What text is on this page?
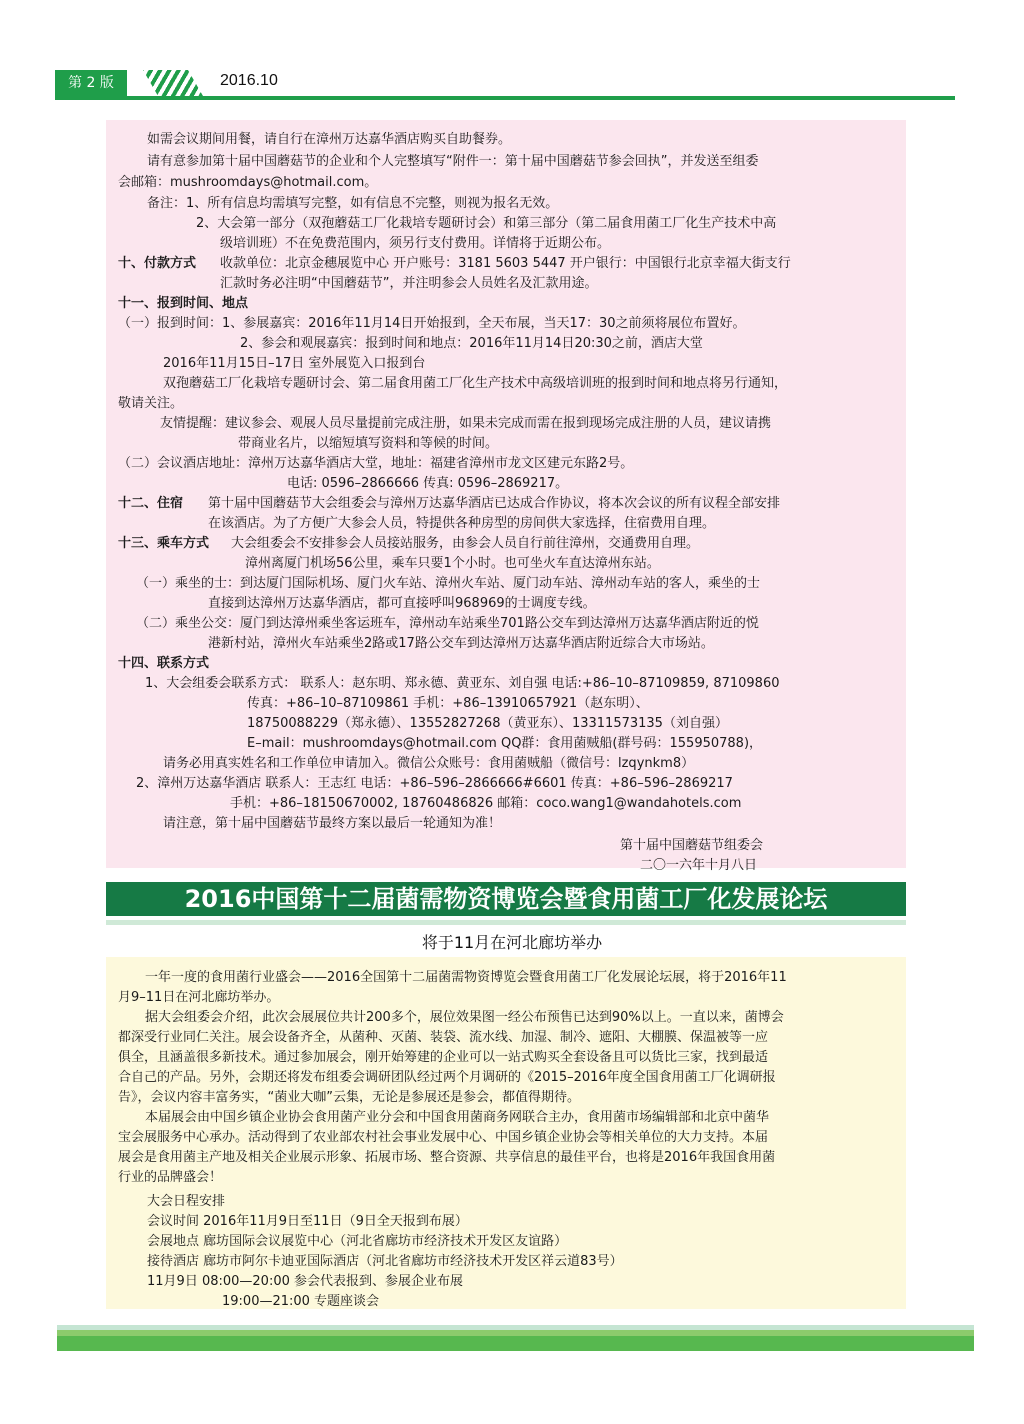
第 2 版	2016.10
如需会议期间用餐，请自行在漳州万达嘉华酒店购买自助餐券。
请有意参加第十届中国蘑菇节的企业和个人完整填写“附件一：第十届中国蘑菇节参会回执”，并发送至组委
会邮箱：mushroomdays@hotmail.com。
备注：1、所有信息均需填写完整，如有信息不完整，则视为报名无效。
2、大会第一部分（双孢蘑菇工厂化栽培专题研讨会）和第三部分（第二届食用菌工厂化生产技术中高
级培训班）不在免费范围内，须另行支付费用。详情将于近期公布。
十、付款方式 收款单位：北京金穗展览中心 开户账号：3181 5603 5447 开户银行：中国银行北京幸福大街支行
汇款时务必注明“中国蘑菇节”，并注明参会人员姓名及汇款用途。
十一、报到时间、地点
（一）报到时间：1、参展嘉宾：2016年11月14日开始报到，全天布展，当天17：30之前须将展位布置好。
2、参会和观展嘉宾：报到时间和地点：2016年11月14日20:30之前，酒店大堂
2016年11月15日–17日 室外展览入口报到台
双孢蘑菇工厂化栽培专题研讨会、第二届食用菌工厂化生产技术中高级培训班的报到时间和地点将另行通知，
敬请关注。
友情提醒：建议参会、观展人员尽量提前完成注册，如果未完成而需在报到现场完成注册的人员，建议请携
带商业名片，以缩短填写资料和等候的时间。
（二）会议酒店地址：漳州万达嘉华酒店大堂，地址：福建省漳州市龙文区建元东路2号。
电话: 0596–2866666 传真: 0596–2869217。
十二、住宿 第十届中国蘑菇节大会组委会与漳州万达嘉华酒店已达成合作协议，将本次会议的所有议程全部安排
在该酒店。为了方便广大参会人员，特提供各种房型的房间供大家选择，住宿费用自理。
十三、乘车方式 大会组委会不安排参会人员接站服务，由参会人员自行前往漳州，交通费用自理。
漳州离厦门机场56公里，乘车只要1个小时。也可坐火车直达漳州东站。
（一）乘坐的士：到达厦门国际机场、厦门火车站、漳州火车站、厦门动车站、漳州动车站的客人，乘坐的士
直接到达漳州万达嘉华酒店，都可直接呼叫968969的士调度专线。
（二）乘坐公交：厦门到达漳州乘坐客运班车，漳州动车站乘坐701路公交车到达漳州万达嘉华酒店附近的悦
港新村站，漳州火车站乘坐2路或17路公交车到达漳州万达嘉华酒店附近综合大市场站。
十四、联系方式
1、大会组委会联系方式： 联系人：赵东明、郑永德、黄亚东、刘自强 电话:+86–10–87109859, 87109860
传真：+86–10–87109861 手机：+86–13910657921（赵东明）、
18750088229（郑永德）、13552827268（黄亚东）、13311573135（刘自强）
E–mail：mushroomdays@hotmail.com QQ群：食用菌贼船(群号码：155950788)，
请务必用真实姓名和工作单位申请加入。微信公众账号：食用菌贼船（微信号：lzqynkm8）
2、漳州万达嘉华酒店 联系人：王志红 电话：+86–596–2866666#6601 传真：+86–596–2869217
手机：+86–18150670002, 18760486826 邮箱：coco.wang1@wandahotels.com
请注意，第十届中国蘑菇节最终方案以最后一轮通知为准！
第十届中国蘑菇节组委会
二〇一六年十月八日
2016中国第十二届菌需物资博览会暨食用菌工厂化发展论坛
将于11月在河北廊坊举办
一年一度的食用菌行业盛会——2016全国第十二届菌需物资博览会暨食用菌工厂化发展论坛展，将于2016年11
月9–11日在河北廊坊举办。
据大会组委会介绍，此次会展展位共计200多个，展位效果图一经公布预售已达到90%以上。一直以来，菌博会
都深受行业同仁关注。展会设备齐全，从菌种、灭菌、装袋、流水线、加湿、制冷、遮阳、大棚膜、保温被等一应
俱全，且涵盖很多新技术。通过参加展会，刚开始筹建的企业可以一站式购买全套设备且可以货比三家，找到最适
合自己的产品。另外，会期还将发布组委会调研团队经过两个月调研的《2015–2016年度全国食用菌工厂化调研报
告》，会议内容丰富务实，“菌业大咖”云集，无论是参展还是参会，都值得期待。
本届展会由中国乡镇企业协会食用菌产业分会和中国食用菌商务网联合主办，食用菌市场编辑部和北京中菌华
宝会展服务中心承办。活动得到了农业部农村社会事业发展中心、中国乡镇企业协会等相关单位的大力支持。本届
展会是食用菌主产地及相关企业展示形象、拓展市场、整合资源、共享信息的最佳平台，也将是2016年我国食用菌
行业的品牌盛会！
大会日程安排
会议时间 2016年11月9日至11日（9日全天报到布展）
会展地点 廊坊国际会议展览中心（河北省廊坊市经济技术开发区友谊路）
接待酒店 廊坊市阿尔卡迪亚国际酒店（河北省廊坊市经济技术开发区祥云道83号）
11月9日 08:00—20:00 参会代表报到、参展企业布展
19:00—21:00 专题座谈会
